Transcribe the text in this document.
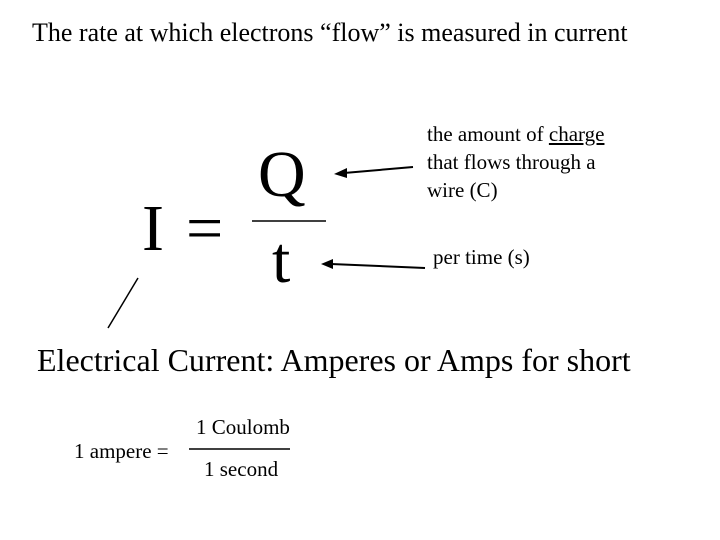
The rate at which electrons “flow” is measured in current
I =
Q
t
the amount of charge
that flows through a
wire (C)
per time (s)
Electrical Current: Amperes or Amps for short
1 ampere =
1 Coulomb
1 second
